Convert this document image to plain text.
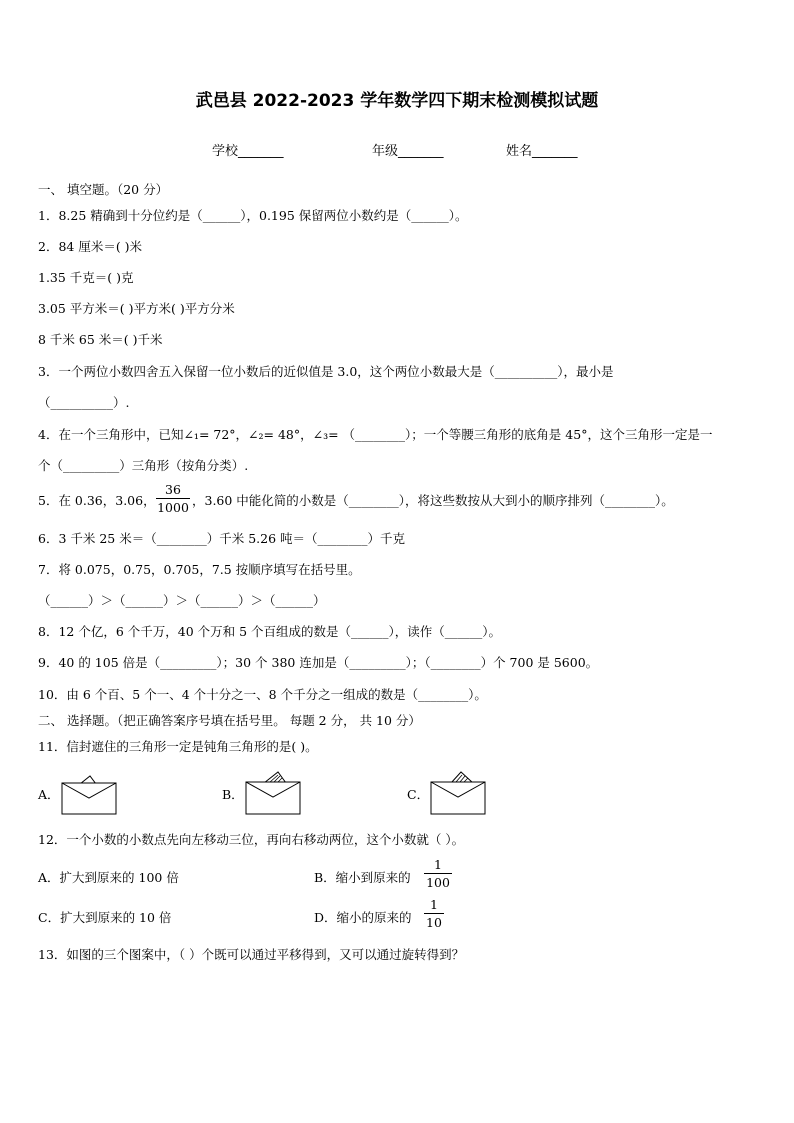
武邑县 2022-2023 学年数学四下期末检测模拟试题
学校_______	年级_______	姓名_______
一、 填空题。（20 分）
1．8.25 精确到十分位约是（______），0.195 保留两位小数约是（______）。
2．84 厘米＝( )米
1.35 千克＝( )克
3.05 平方米＝( )平方米( )平方分米
8 千米 65 米＝( )千米
3．一个两位小数四舍五入保留一位小数后的近似值是 3.0，这个两位小数最大是（__________），最小是
（__________）.
4．在一个三角形中，已知∠₁= 72°，∠₂= 48°，∠₃= （________）；一个等腰三角形的底角是 45°，这个三角形一定是一
个（_________）三角形（按角分类）.
5．在 0.36，3.06，
36
1000 ，3.60 中能化简的小数是（________），将这些数按从大到小的顺序排列（________）。
6．3 千米 25 米＝（________）千米 5.26 吨＝（________）千克
7．将 0.075，0.75，0.705，7.5 按顺序填写在括号里。
（______）＞（______）＞（______）＞（______）
8．12 个亿，6 个千万，40 个万和 5 个百组成的数是（______），读作（______）。
9．40 的 105 倍是（_________）；30 个 380 连加是（_________）；（________）个 700 是 5600。
10．由 6 个百、5 个一、4 个十分之一、8 个千分之一组成的数是（________）。
二、 选择题。（把正确答案序号填在括号里。 每题 2 分， 共 10 分）
11．信封遮住的三角形一定是钝角三角形的是( )。
A．	B．	C．
12．一个小数的小数点先向左移动三位，再向右移动两位，这个小数就（ ）。
A．扩大到原来的 100 倍	B．缩小到原来的
1
100
C．扩大到原来的 10 倍	D．缩小的原来的
1
10
13．如图的三个图案中，（ ）个既可以通过平移得到，又可以通过旋转得到？
